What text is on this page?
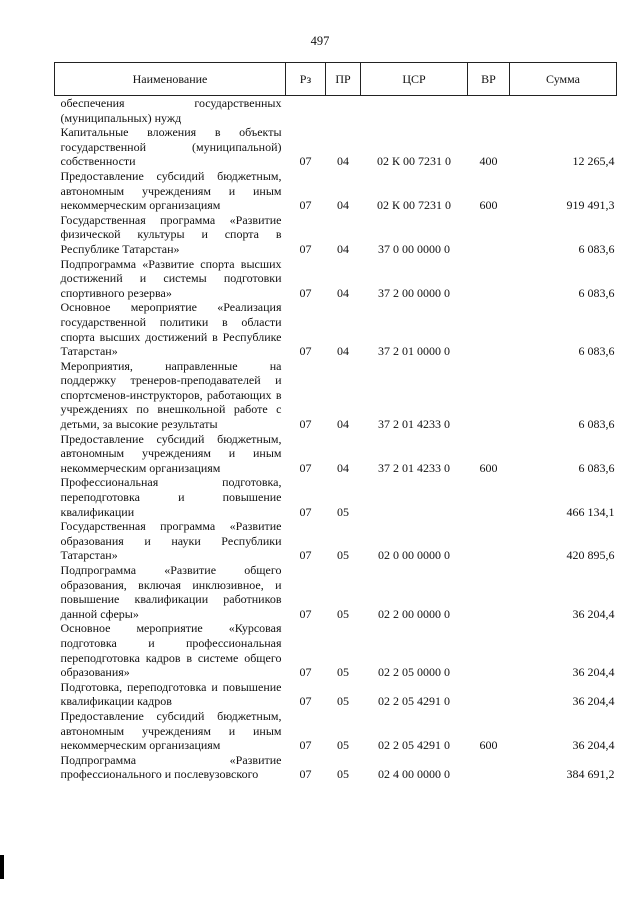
497
Наименование	Рз	ПР	ЦСР	ВР	Сумма
обеспечения государственных (муниципальных) нужд					
Капитальные вложения в объекты государственной (муниципальной) собственности	07	04	02 К 00 7231 0	400	12 265,4
Предоставление субсидий бюджетным, автономным учреждениям и иным некоммерческим организациям	07	04	02 К 00 7231 0	600	919 491,3
Государственная программа «Развитие физической культуры и спорта в Республике Татарстан»	07	04	37 0 00 0000 0		6 083,6
Подпрограмма «Развитие спорта высших достижений и системы подготовки спортивного резерва»	07	04	37 2 00 0000 0		6 083,6
Основное мероприятие «Реализация государственной политики в области спорта высших достижений в Республике Татарстан»	07	04	37 2 01 0000 0		6 083,6
Мероприятия, направленные на поддержку тренеров-преподавателей и спортсменов-инструкторов, работающих в учреждениях по внешкольной работе с детьми, за высокие результаты	07	04	37 2 01 4233 0		6 083,6
Предоставление субсидий бюджетным, автономным учреждениям и иным некоммерческим организациям	07	04	37 2 01 4233 0	600	6 083,6
Профессиональная подготовка, переподготовка и повышение квалификации	07	05			466 134,1
Государственная программа «Развитие образования и науки Республики Татарстан»	07	05	02 0 00 0000 0		420 895,6
Подпрограмма «Развитие общего образования, включая инклюзивное, и повышение квалификации работников данной сферы»	07	05	02 2 00 0000 0		36 204,4
Основное мероприятие «Курсовая подготовка и профессиональная переподготовка кадров в системе общего образования»	07	05	02 2 05 0000 0		36 204,4
Подготовка, переподготовка и повышение квалификации кадров	07	05	02 2 05 4291 0		36 204,4
Предоставление субсидий бюджетным, автономным учреждениям и иным некоммерческим организациям	07	05	02 2 05 4291 0	600	36 204,4
Подпрограмма «Развитие профессионального и послевузовского	07	05	02 4 00 0000 0		384 691,2
